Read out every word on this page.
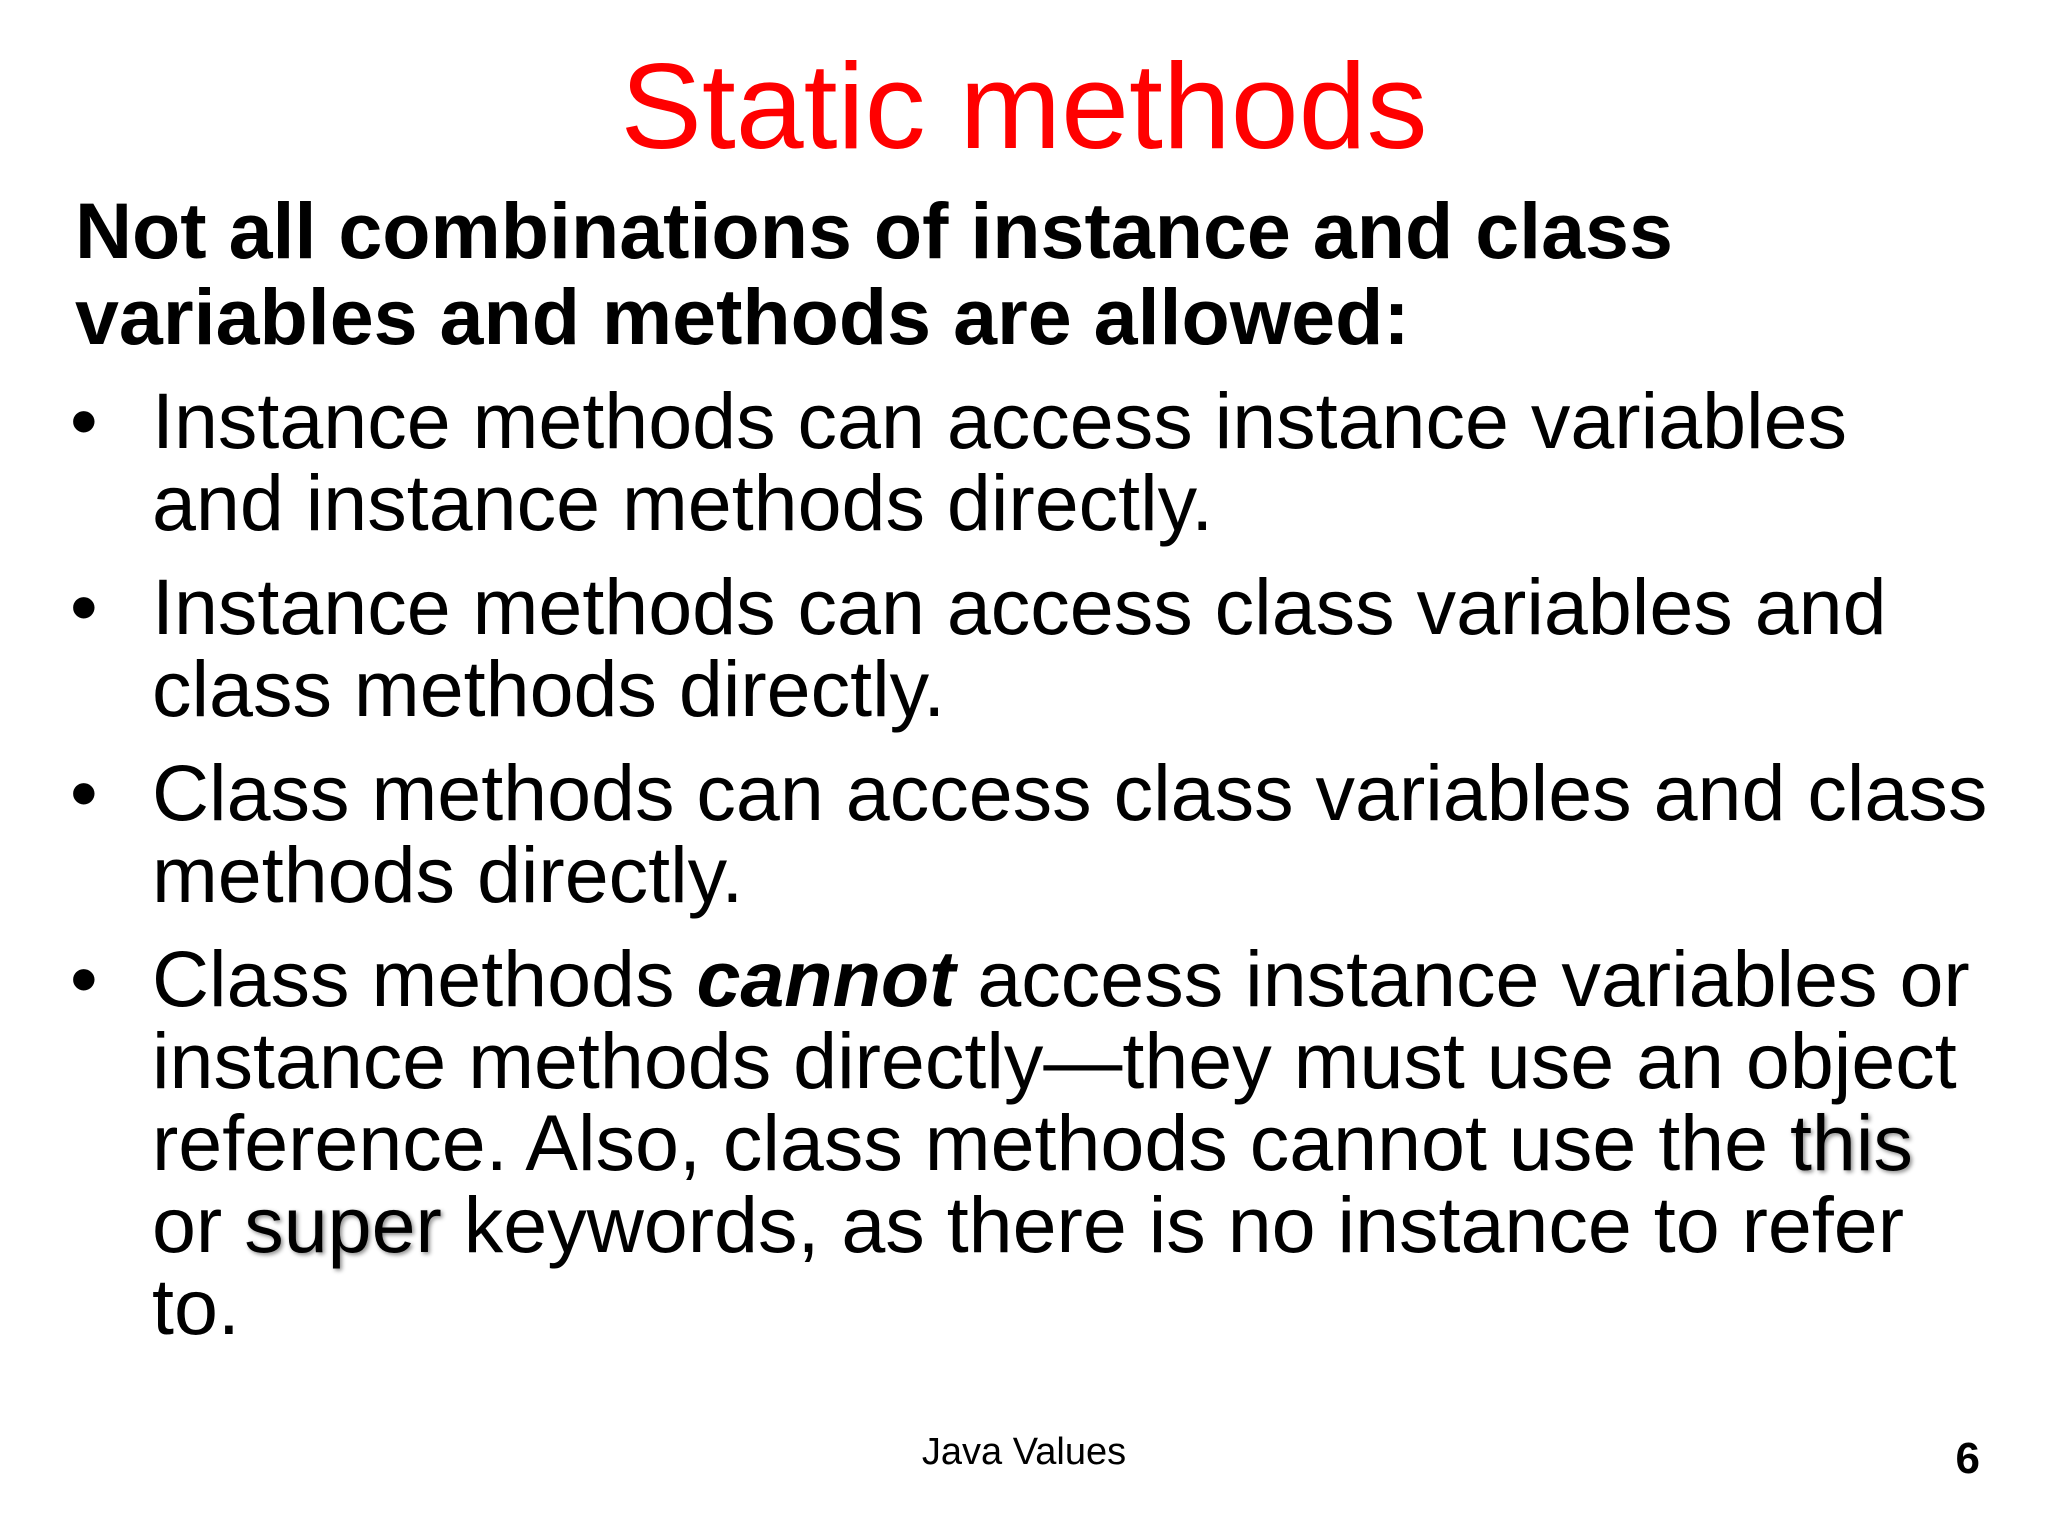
Static methods

Not all combinations of instance and class variables and methods are allowed:

• Instance methods can access instance variables and instance methods directly.
• Instance methods can access class variables and class methods directly.
• Class methods can access class variables and class methods directly.
• Class methods cannot access instance variables or instance methods directly—they must use an object reference. Also, class methods cannot use the this or super keywords, as there is no instance to refer to.
Java Values	6
